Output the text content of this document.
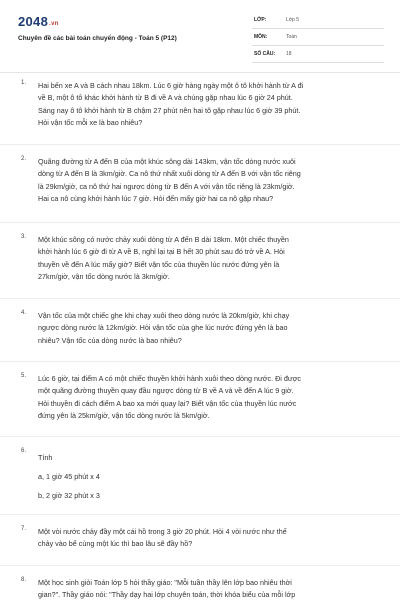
2048.vn
Chuyên đề các bài toán chuyển động - Toán 5 (P12)
LỚP:	Lớp 5
MÔN:	Toán
SỐ CÂU:	18
1. Hai bến xe A và B cách nhau 18km. Lúc 6 giờ hàng ngày một ô tô khởi hành từ A đi
về B, một ô tô khác khởi hành từ B đi về A và chúng gặp nhau lúc 6 giờ 24 phút.
Sáng nay ô tô khởi hành từ B chậm 27 phút nên hai tô gặp nhau lúc 6 giờ 39 phút.
Hỏi vận tốc mỗi xe là bao nhiêu?
2. Quãng đường từ A đến B của một khúc sông dài 143km, vận tốc dòng nước xuôi
dòng từ A đến B là 3km/giờ. Ca nô thứ nhất xuôi dòng từ A đến B với vận tốc riêng
là 29km/giờ, ca nô thứ hai ngược dòng từ B đến A với vận tốc riêng là 23km/giờ.
Hai ca nô cùng khởi hành lúc 7 giờ. Hỏi đến mấy giờ hai ca nô gặp nhau?
3. Một khúc sông có nước chảy xuôi dòng từ A đến B dài 18km. Một chiếc thuyền
khởi hành lúc 6 giờ đi từ A về B, nghỉ lại tại B hết 30 phút sau đó trở về A. Hỏi
thuyền về đến A lúc mấy giờ? Biết vận tốc của thuyền lúc nước đứng yên là
27km/giờ, vận tốc dòng nước là 3km/giờ.
4. Vận tốc của một chiếc ghe khi chạy xuôi theo dòng nước là 20km/giờ, khi chạy
ngược dòng nước là 12km/giờ. Hỏi vận tốc của ghe lúc nước đứng yên là bao
nhiêu? Vận tốc của dòng nước là bao nhiêu?
5. Lúc 6 giờ, tại điểm A có một chiếc thuyền khởi hành xuôi theo dòng nước. Đi được
một quãng đường thuyền quay đầu ngược dòng từ B về A và về đến A lúc 9 giờ.
Hỏi thuyền đi cách điểm A bao xa mới quay lại? Biết vận tốc của thuyền lúc nước
đứng yên là 25km/giờ, vận tốc dòng nước là 5km/giờ.
6.
Tính
a, 1 giờ 45 phút x 4
b, 2 giờ 32 phút x 3
7. Một vòi nước chảy đầy một cái hồ trong 3 giờ 20 phút. Hỏi 4 vòi nước như thế
chảy vào bể cùng một lúc thì bao lâu sẽ đầy hồ?
8. Một học sinh giỏi Toán lớp 5 hỏi thầy giáo: "Mỗi tuần thầy lên lớp bao nhiêu thời
gian?". Thầy giáo nói: "Thầy dạy hai lớp chuyên toán, thời khóa biểu của mỗi lớp
